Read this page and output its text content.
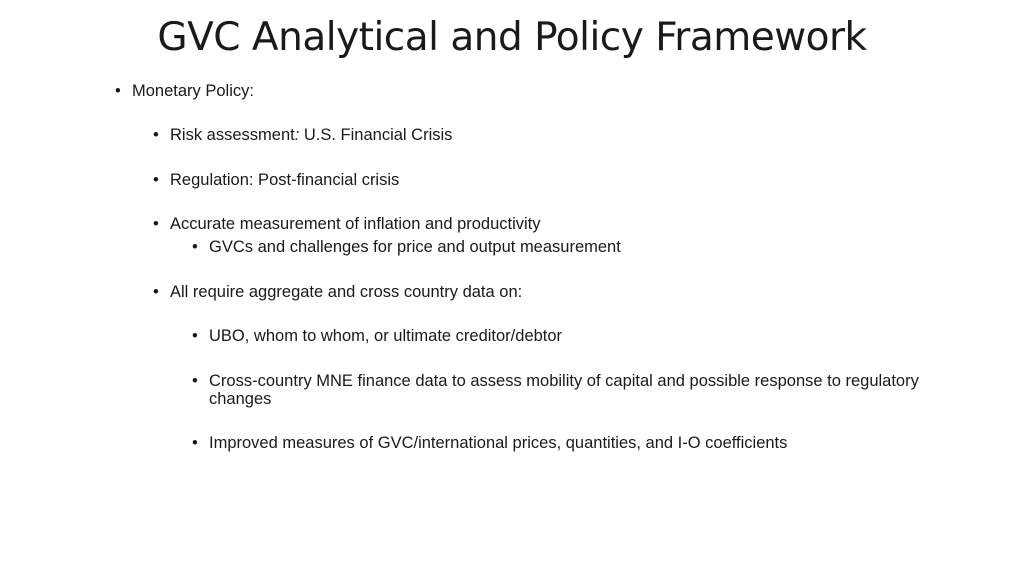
GVC Analytical and Policy Framework
• Monetary Policy:
• Risk assessment: U.S. Financial Crisis
• Regulation: Post-financial crisis
• Accurate measurement of inflation and productivity
• GVCs and challenges for price and output measurement
• All require aggregate and cross country data on:
• UBO, whom to whom, or ultimate creditor/debtor
• Cross-country MNE finance data to assess mobility of capital and possible response to regulatory changes
• Improved measures of GVC/international prices, quantities, and I-O coefficients
